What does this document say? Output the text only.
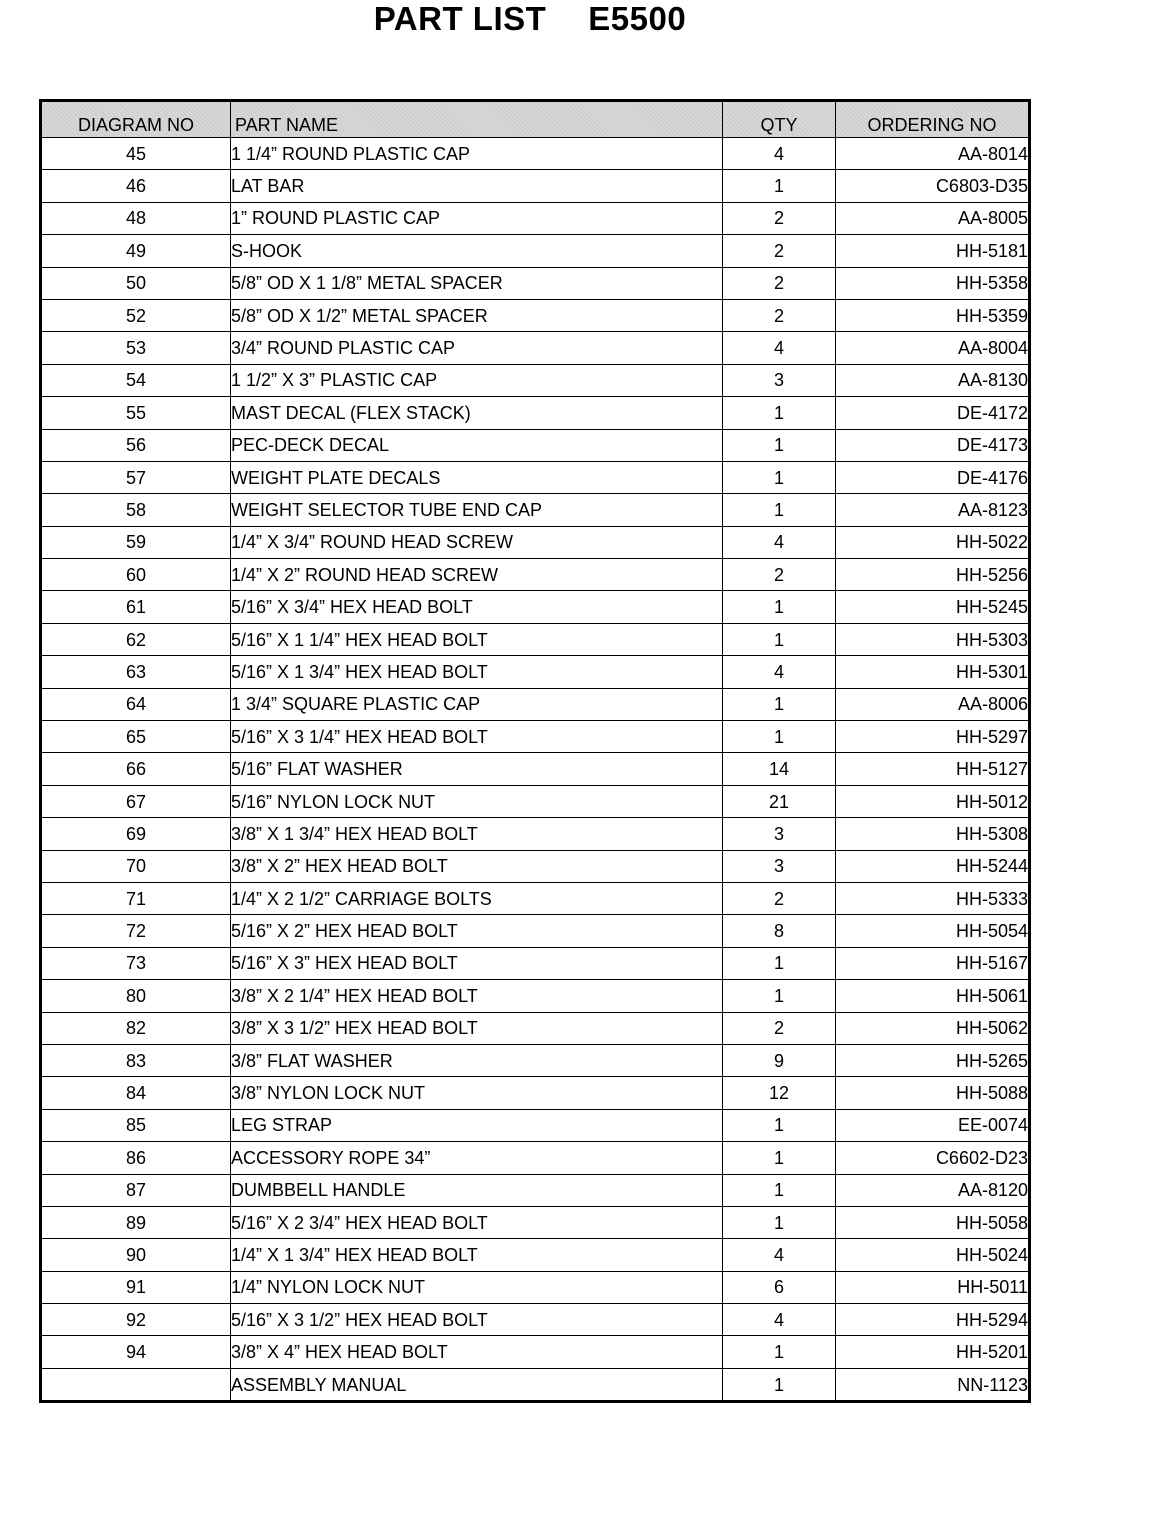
PART LIST E5500
DIAGRAM NO	PART NAME	QTY	ORDERING NO
45	1 1/4” ROUND PLASTIC CAP	4	AA-8014
46	LAT BAR	1	C6803-D35
48	1” ROUND PLASTIC CAP	2	AA-8005
49	S-HOOK	2	HH-5181
50	5/8” OD X 1 1/8” METAL SPACER	2	HH-5358
52	5/8” OD X 1/2” METAL SPACER	2	HH-5359
53	3/4” ROUND PLASTIC CAP	4	AA-8004
54	1 1/2” X 3” PLASTIC CAP	3	AA-8130
55	MAST DECAL (FLEX STACK)	1	DE-4172
56	PEC-DECK DECAL	1	DE-4173
57	WEIGHT PLATE DECALS	1	DE-4176
58	WEIGHT SELECTOR TUBE END CAP	1	AA-8123
59	1/4” X 3/4” ROUND HEAD SCREW	4	HH-5022
60	1/4” X 2” ROUND HEAD SCREW	2	HH-5256
61	5/16” X 3/4” HEX HEAD BOLT	1	HH-5245
62	5/16” X 1 1/4” HEX HEAD BOLT	1	HH-5303
63	5/16” X 1 3/4” HEX HEAD BOLT	4	HH-5301
64	1 3/4” SQUARE PLASTIC CAP	1	AA-8006
65	5/16” X 3 1/4” HEX HEAD BOLT	1	HH-5297
66	5/16” FLAT WASHER	14	HH-5127
67	5/16” NYLON LOCK NUT	21	HH-5012
69	3/8” X 1 3/4” HEX HEAD BOLT	3	HH-5308
70	3/8” X 2” HEX HEAD BOLT	3	HH-5244
71	1/4” X 2 1/2” CARRIAGE BOLTS	2	HH-5333
72	5/16” X 2” HEX HEAD BOLT	8	HH-5054
73	5/16” X 3” HEX HEAD BOLT	1	HH-5167
80	3/8” X 2 1/4” HEX HEAD BOLT	1	HH-5061
82	3/8” X 3 1/2” HEX HEAD BOLT	2	HH-5062
83	3/8” FLAT WASHER	9	HH-5265
84	3/8” NYLON LOCK NUT	12	HH-5088
85	LEG STRAP	1	EE-0074
86	ACCESSORY ROPE 34”	1	C6602-D23
87	DUMBBELL HANDLE	1	AA-8120
89	5/16” X 2 3/4” HEX HEAD BOLT	1	HH-5058
90	1/4” X 1 3/4” HEX HEAD BOLT	4	HH-5024
91	1/4” NYLON LOCK NUT	6	HH-5011
92	5/16” X 3 1/2” HEX HEAD BOLT	4	HH-5294
94	3/8” X 4” HEX HEAD BOLT	1	HH-5201
	ASSEMBLY MANUAL	1	NN-1123
